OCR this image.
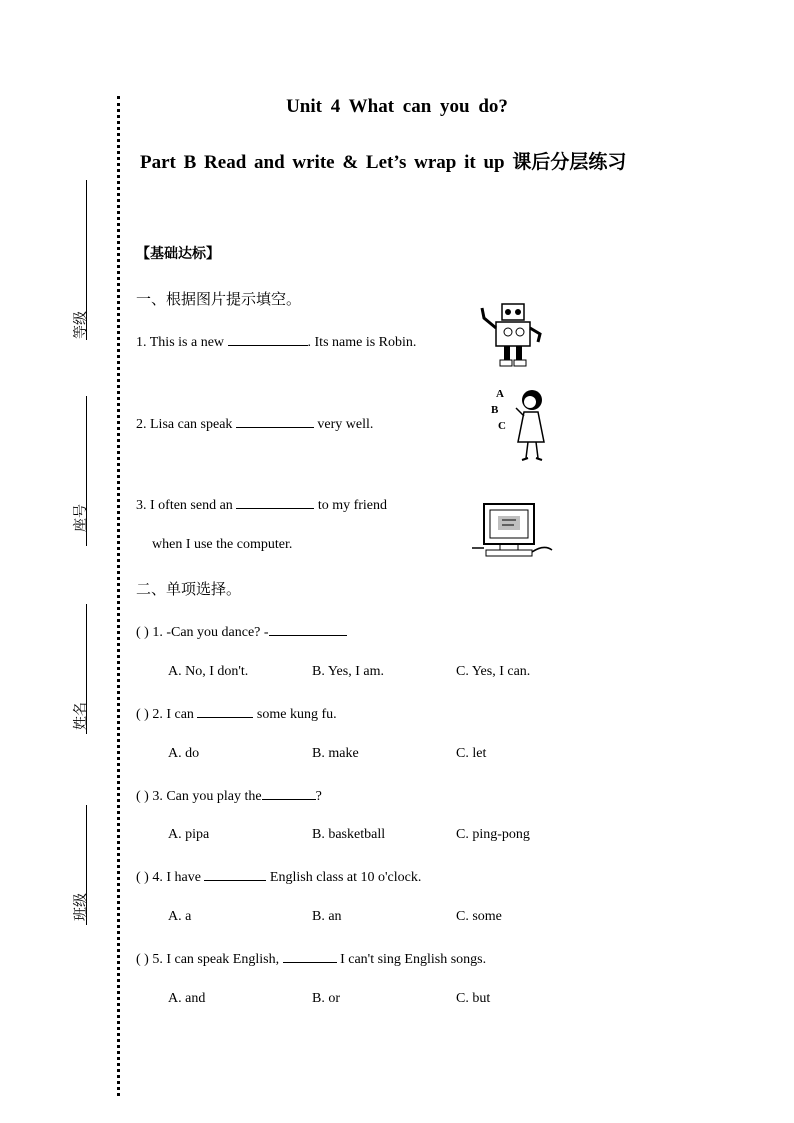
等级
座号
姓名
班级
Unit 4 What can you do?
Part B Read and write & Let’s wrap it up 课后分层练习
【基础达标】
一、根据图片提示填空。
1. This is a new	. Its name is Robin.
2. Lisa can speak	very well.
A
B
C
3. I often send an	to my friend
when I use the computer.
二、单项选择。
( ) 1. -Can you dance? -
A. No, I don't.	B. Yes, I am.	C. Yes, I can.
( ) 2. I can	some kung fu.
A. do	B. make	C. let
( ) 3. Can you play the	?
A. pipa	B. basketball	C. ping-pong
( ) 4. I have	English class at 10 o'clock.
A. a	B. an	C. some
( ) 5. I can speak English,	I can't sing English songs.
A. and	B. or	C. but
